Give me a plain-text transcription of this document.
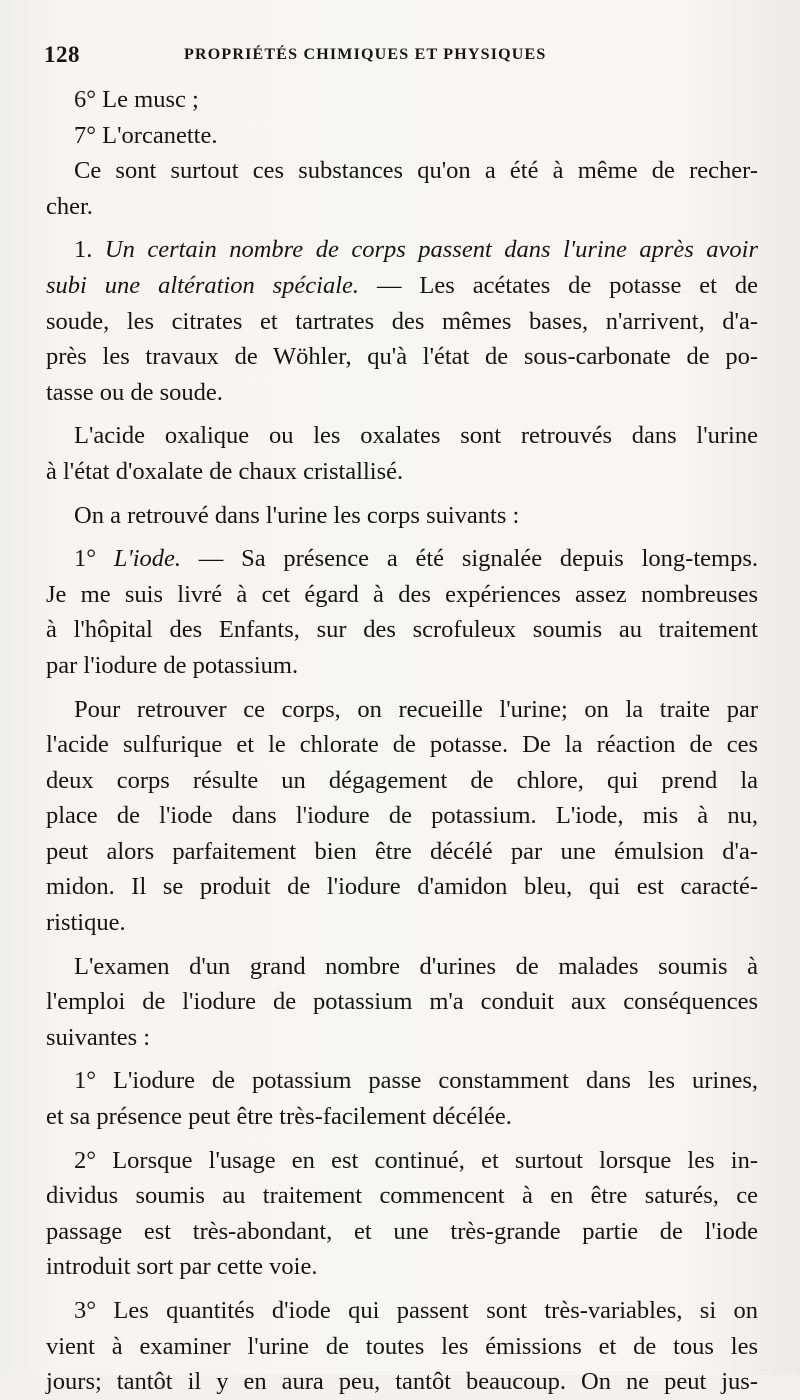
128	PROPRIÉTÉS CHIMIQUES ET PHYSIQUES
6° Le musc ;
7° L'orcanette.
Ce sont surtout ces substances qu'on a été à même de recher-
cher.
1. Un certain nombre de corps passent dans l'urine après avoir
subi une altération spéciale. — Les acétates de potasse et de
soude, les citrates et tartrates des mêmes bases, n'arrivent, d'a-
près les travaux de Wöhler, qu'à l'état de sous-carbonate de po-
tasse ou de soude.
L'acide oxalique ou les oxalates sont retrouvés dans l'urine
à l'état d'oxalate de chaux cristallisé.
On a retrouvé dans l'urine les corps suivants :
1° L'iode. — Sa présence a été signalée depuis long-temps.
Je me suis livré à cet égard à des expériences assez nombreuses
à l'hôpital des Enfants, sur des scrofuleux soumis au traitement
par l'iodure de potassium.
Pour retrouver ce corps, on recueille l'urine; on la traite par
l'acide sulfurique et le chlorate de potasse. De la réaction de ces
deux corps résulte un dégagement de chlore, qui prend la
place de l'iode dans l'iodure de potassium. L'iode, mis à nu,
peut alors parfaitement bien être décélé par une émulsion d'a-
midon. Il se produit de l'iodure d'amidon bleu, qui est caracté-
ristique.
L'examen d'un grand nombre d'urines de malades soumis à
l'emploi de l'iodure de potassium m'a conduit aux conséquences
suivantes :
1° L'iodure de potassium passe constamment dans les urines,
et sa présence peut être très-facilement décélée.
2° Lorsque l'usage en est continué, et surtout lorsque les in-
dividus soumis au traitement commencent à en être saturés, ce
passage est très-abondant, et une très-grande partie de l'iode
introduit sort par cette voie.
3° Les quantités d'iode qui passent sont très-variables, si on
vient à examiner l'urine de toutes les émissions et de tous les
jours; tantôt il y en aura peu, tantôt beaucoup. On ne peut jus-
